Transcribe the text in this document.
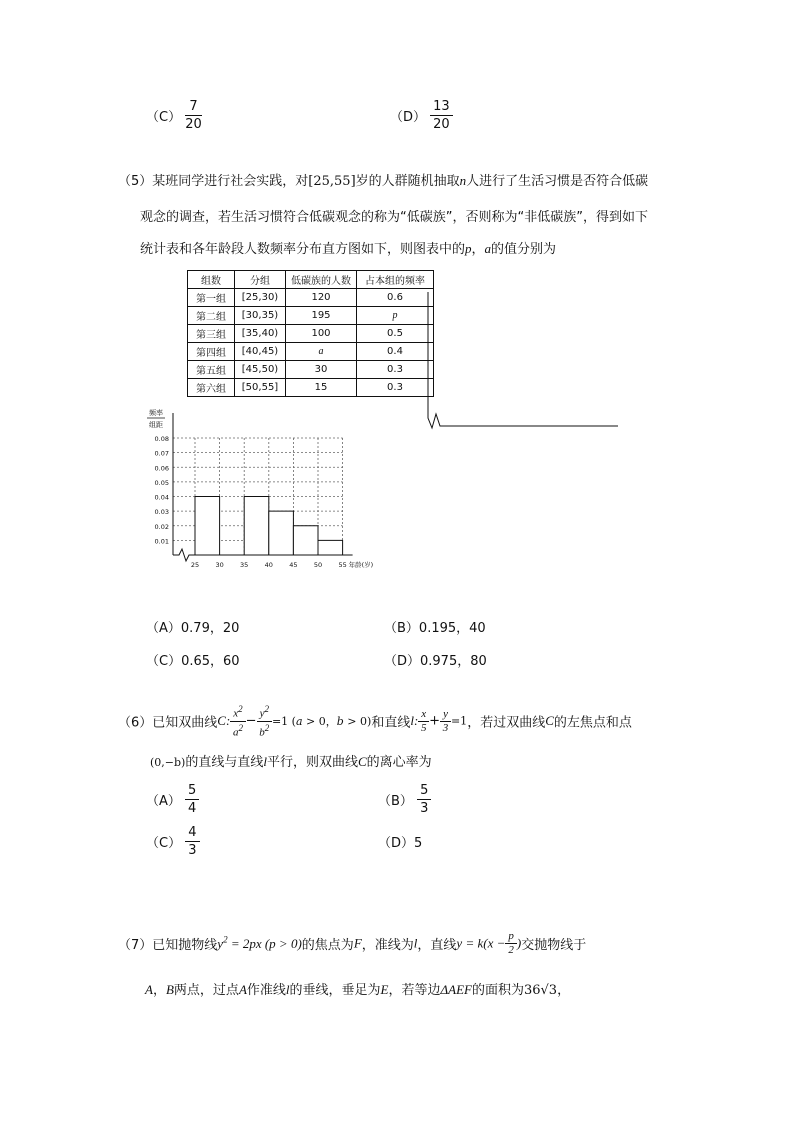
$(C) \frac{7}{20}$	$(D) \frac{13}{20}$
（5）某班同学进行社会实践，对[25,55]岁的人群随机抽取n人进行了生活习惯是否符合低碳
观念的调查，若生活习惯符合低碳观念的称为“低碳族”，否则称为“非低碳族”，得到如下
统计表和各年龄段人数频率分布直方图如下，则图表中的p，a的值分别为
组数	分组	低碳族的人数	占本组的频率
第一组	[25,30)	120	0.6
第二组	[30,35)	195	p
第三组	[35,40)	100	0.5
第四组	[40,45)	a	0.4
第五组	[45,50)	30	0.3
第六组	[50,55]	15	0.3
0.08
0.07
0.06
0.05
0.04
0.03
0.02
0.01
25	30	35	40	45	50	55
频率
组距
年龄(岁)
（A）0.79，20	（B）0.195，40
（C）0.65，60	（D）0.975，80
（6）已知双曲线C: $\frac{x^2}{a^2} - \frac{y^2}{b^2} =1$ (a > 0，b > 0)和直线l: $\frac{x}{5} + \frac{y}{3} =1$，若过双曲线C的左焦点和点
(0,−b)的直线与直线l平行，则双曲线C的离心率为
$(A) \frac{5}{4}$	$(B) \frac{5}{3}$
$(C) \frac{4}{3}$	（D）5
（7）已知抛物线$y^2 = 2px$ (p > 0)的焦点为F，准线为l，直线$y = k(x - \frac{p}{2}$ )交抛物线于
A，B两点，过点A作准线l的垂线，垂足为E，若等边ΔAEF的面积为36√3，
